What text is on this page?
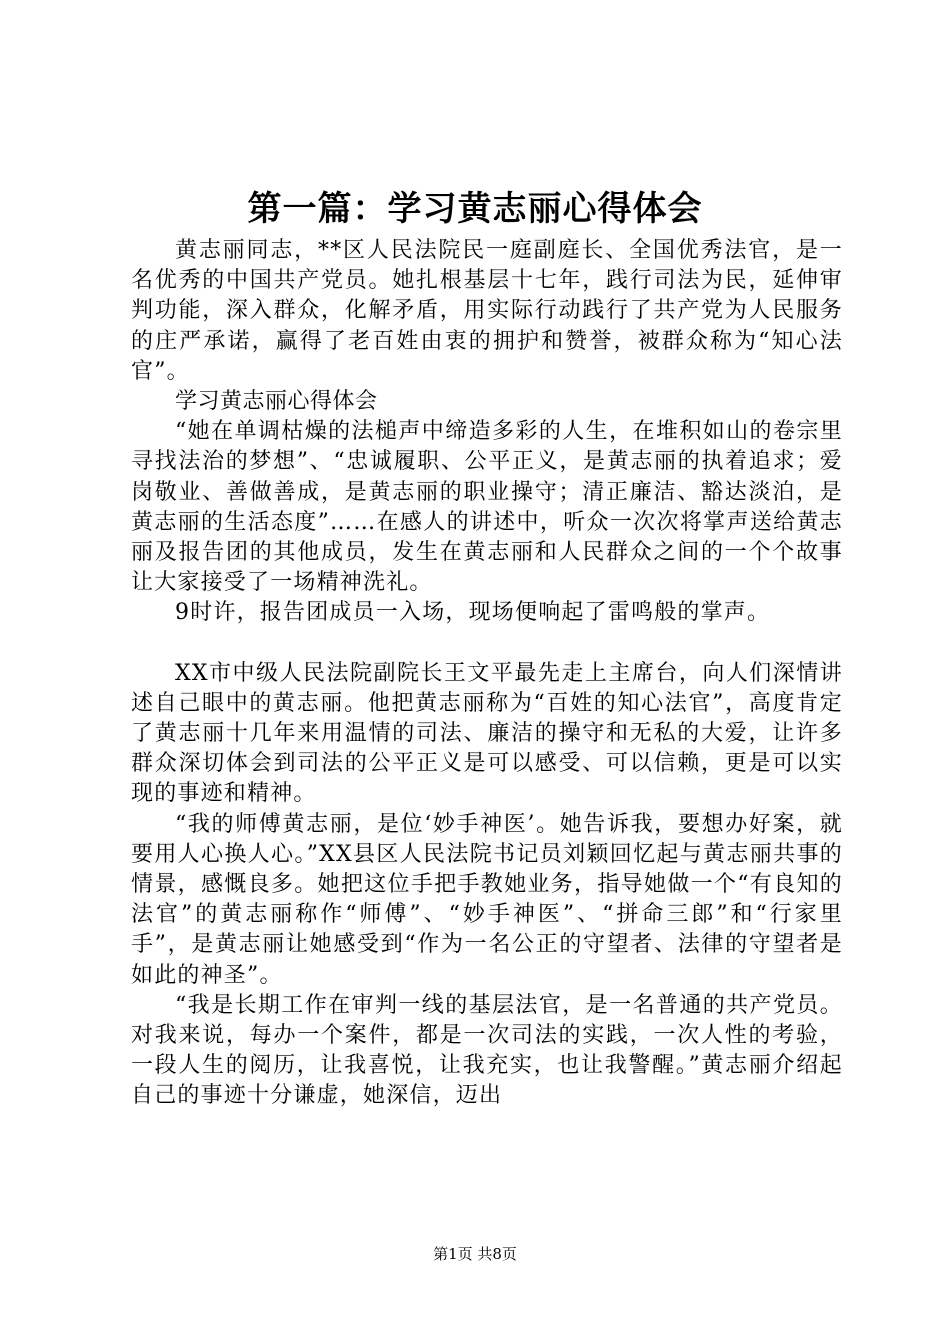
第一篇：学习黄志丽心得体会

黄志丽同志，**区人民法院民一庭副庭长、全国优秀法官，是一名优秀的中国共产党员。她扎根基层十七年，践行司法为民，延伸审判功能，深入群众，化解矛盾，用实际行动践行了共产党为人民服务的庄严承诺，赢得了老百姓由衷的拥护和赞誉，被群众称为“知心法官”。

学习黄志丽心得体会

“她在单调枯燥的法槌声中缔造多彩的人生，在堆积如山的卷宗里寻找法治的梦想”、“忠诚履职、公平正义，是黄志丽的执着追求；爱岗敬业、善做善成，是黄志丽的职业操守；清正廉洁、豁达淡泊，是黄志丽的生活态度”……在感人的讲述中，听众一次次将掌声送给黄志丽及报告团的其他成员，发生在黄志丽和人民群众之间的一个个故事让大家接受了一场精神洗礼。

9时许，报告团成员一入场，现场便响起了雷鸣般的掌声。

XX市中级人民法院副院长王文平最先走上主席台，向人们深情讲述自己眼中的黄志丽。他把黄志丽称为“百姓的知心法官”，高度肯定了黄志丽十几年来用温情的司法、廉洁的操守和无私的大爱，让许多群众深切体会到司法的公平正义是可以感受、可以信赖，更是可以实现的事迹和精神。

“我的师傅黄志丽，是位‘妙手神医’。她告诉我，要想办好案，就要用人心换人心。”XX县区人民法院书记员刘颖回忆起与黄志丽共事的情景，感慨良多。她把这位手把手教她业务，指导她做一个“有良知的法官”的黄志丽称作“师傅”、“妙手神医”、“拼命三郎”和“行家里手”，是黄志丽让她感受到“作为一名公正的守望者、法律的守望者是如此的神圣”。

“我是长期工作在审判一线的基层法官，是一名普通的共产党员。对我来说，每办一个案件，都是一次司法的实践，一次人性的考验，一段人生的阅历，让我喜悦，让我充实，也让我警醒。”黄志丽介绍起自己的事迹十分谦虚，她深信，迈出

第1页 共8页
